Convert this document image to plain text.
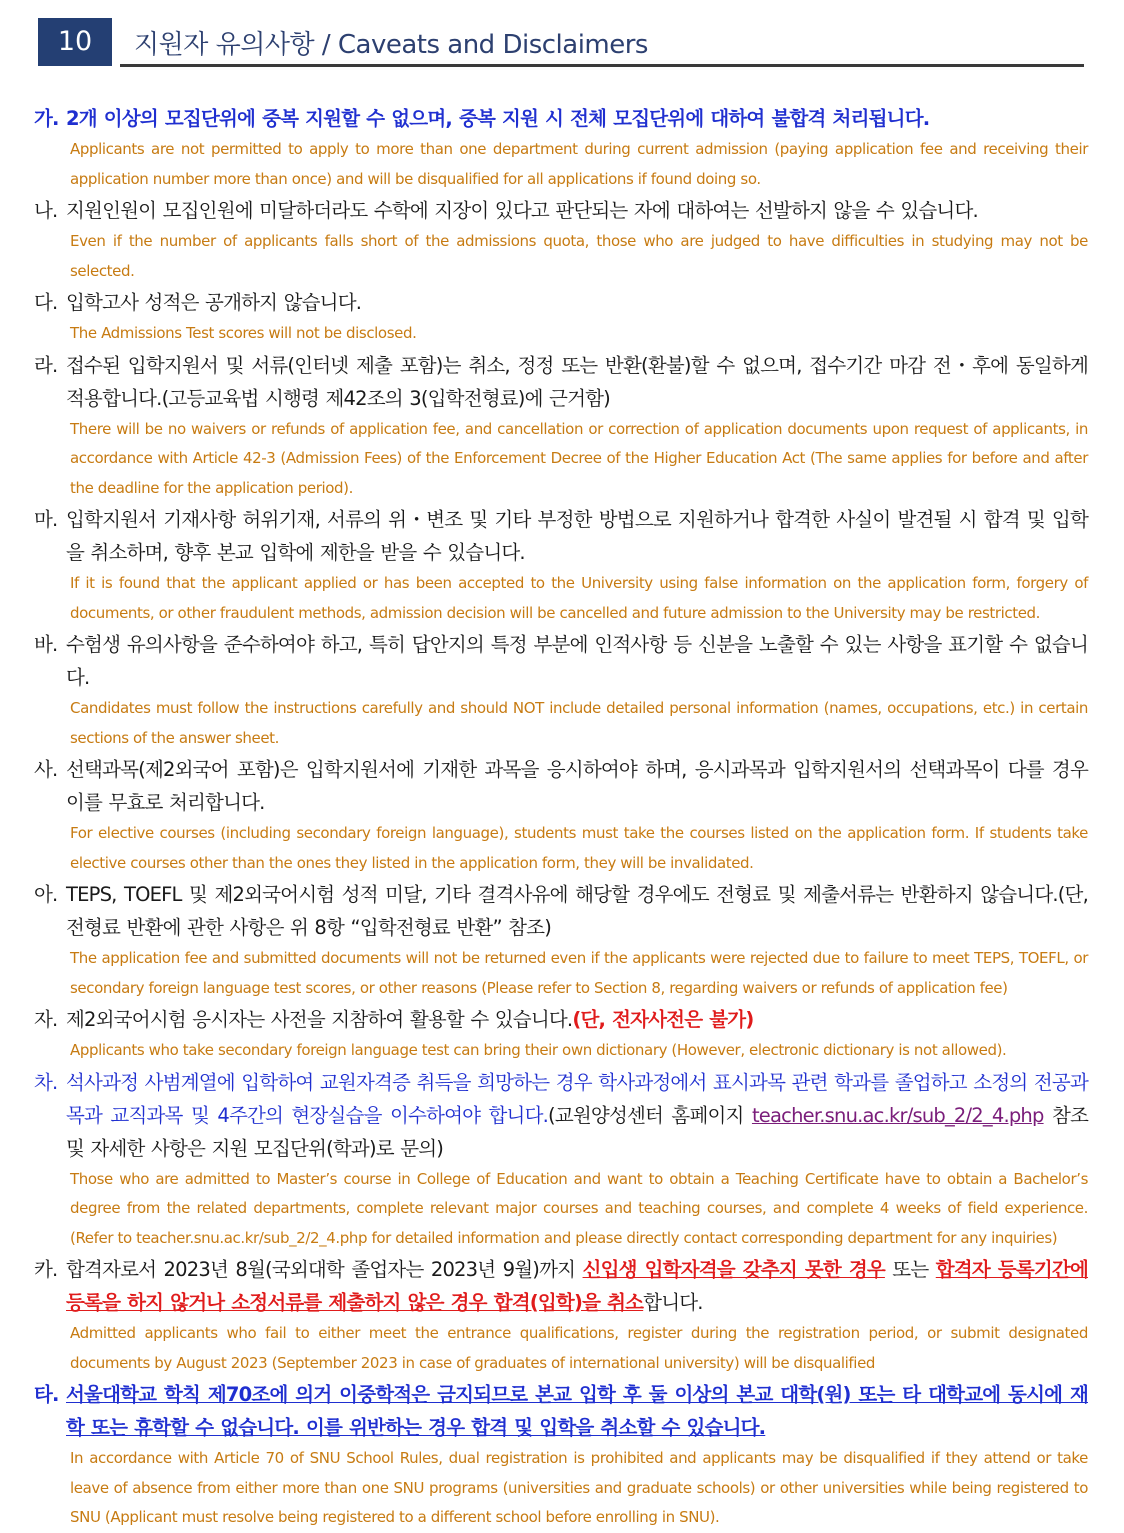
10	지원자 유의사항 / Caveats and Disclaimers
가. 2개 이상의 모집단위에 중복 지원할 수 없으며, 중복 지원 시 전체 모집단위에 대하여 불합격 처리됩니다.
Applicants are not permitted to apply to more than one department during current admission (paying application fee and receiving their application number more than once) and will be disqualified for all applications if found doing so.
나. 지원인원이 모집인원에 미달하더라도 수학에 지장이 있다고 판단되는 자에 대하여는 선발하지 않을 수 있습니다.
Even if the number of applicants falls short of the admissions quota, those who are judged to have difficulties in studying may not be selected.
다. 입학고사 성적은 공개하지 않습니다.
The Admissions Test scores will not be disclosed.
라. 접수된 입학지원서 및 서류(인터넷 제출 포함)는 취소, 정정 또는 반환(환불)할 수 없으며, 접수기간 마감 전・후에 동일하게 적용합니다.(고등교육법 시행령 제42조의 3(입학전형료)에 근거함)
There will be no waivers or refunds of application fee, and cancellation or correction of application documents upon request of applicants, in accordance with Article 42-3 (Admission Fees) of the Enforcement Decree of the Higher Education Act (The same applies for before and after the deadline for the application period).
마. 입학지원서 기재사항 허위기재, 서류의 위・변조 및 기타 부정한 방법으로 지원하거나 합격한 사실이 발견될 시 합격 및 입학을 취소하며, 향후 본교 입학에 제한을 받을 수 있습니다.
If it is found that the applicant applied or has been accepted to the University using false information on the application form, forgery of documents, or other fraudulent methods, admission decision will be cancelled and future admission to the University may be restricted.
바. 수험생 유의사항을 준수하여야 하고, 특히 답안지의 특정 부분에 인적사항 등 신분을 노출할 수 있는 사항을 표기할 수 없습니다.
Candidates must follow the instructions carefully and should NOT include detailed personal information (names, occupations, etc.) in certain sections of the answer sheet.
사. 선택과목(제2외국어 포함)은 입학지원서에 기재한 과목을 응시하여야 하며, 응시과목과 입학지원서의 선택과목이 다를 경우 이를 무효로 처리합니다.
For elective courses (including secondary foreign language), students must take the courses listed on the application form. If students take elective courses other than the ones they listed in the application form, they will be invalidated.
아. TEPS, TOEFL 및 제2외국어시험 성적 미달, 기타 결격사유에 해당할 경우에도 전형료 및 제출서류는 반환하지 않습니다.(단, 전형료 반환에 관한 사항은 위 8항 “입학전형료 반환” 참조)
The application fee and submitted documents will not be returned even if the applicants were rejected due to failure to meet TEPS, TOEFL, or secondary foreign language test scores, or other reasons (Please refer to Section 8, regarding waivers or refunds of application fee)
자. 제2외국어시험 응시자는 사전을 지참하여 활용할 수 있습니다.(단, 전자사전은 불가)
Applicants who take secondary foreign language test can bring their own dictionary (However, electronic dictionary is not allowed).
차. 석사과정 사범계열에 입학하여 교원자격증 취득을 희망하는 경우 학사과정에서 표시과목 관련 학과를 졸업하고 소정의 전공과목과 교직과목 및 4주간의 현장실습을 이수하여야 합니다.(교원양성센터 홈페이지 teacher.snu.ac.kr/sub_2/2_4.php 참조 및 자세한 사항은 지원 모집단위(학과)로 문의)
Those who are admitted to Master’s course in College of Education and want to obtain a Teaching Certificate have to obtain a Bachelor’s degree from the related departments, complete relevant major courses and teaching courses, and complete 4 weeks of field experience. (Refer to teacher.snu.ac.kr/sub_2/2_4.php for detailed information and please directly contact corresponding department for any inquiries)
카. 합격자로서 2023년 8월(국외대학 졸업자는 2023년 9월)까지 신입생 입학자격을 갖추지 못한 경우 또는 합격자 등록기간에 등록을 하지 않거나 소정서류를 제출하지 않은 경우 합격(입학)을 취소합니다.
Admitted applicants who fail to either meet the entrance qualifications, register during the registration period, or submit designated documents by August 2023 (September 2023 in case of graduates of international university) will be disqualified
타. 서울대학교 학칙 제70조에 의거 이중학적은 금지되므로 본교 입학 후 둘 이상의 본교 대학(원) 또는 타 대학교에 동시에 재학 또는 휴학할 수 없습니다. 이를 위반하는 경우 합격 및 입학을 취소할 수 있습니다.
In accordance with Article 70 of SNU School Rules, dual registration is prohibited and applicants may be disqualified if they attend or take leave of absence from either more than one SNU programs (universities and graduate schools) or other universities while being registered to SNU (Applicant must resolve being registered to a different school before enrolling in SNU).
